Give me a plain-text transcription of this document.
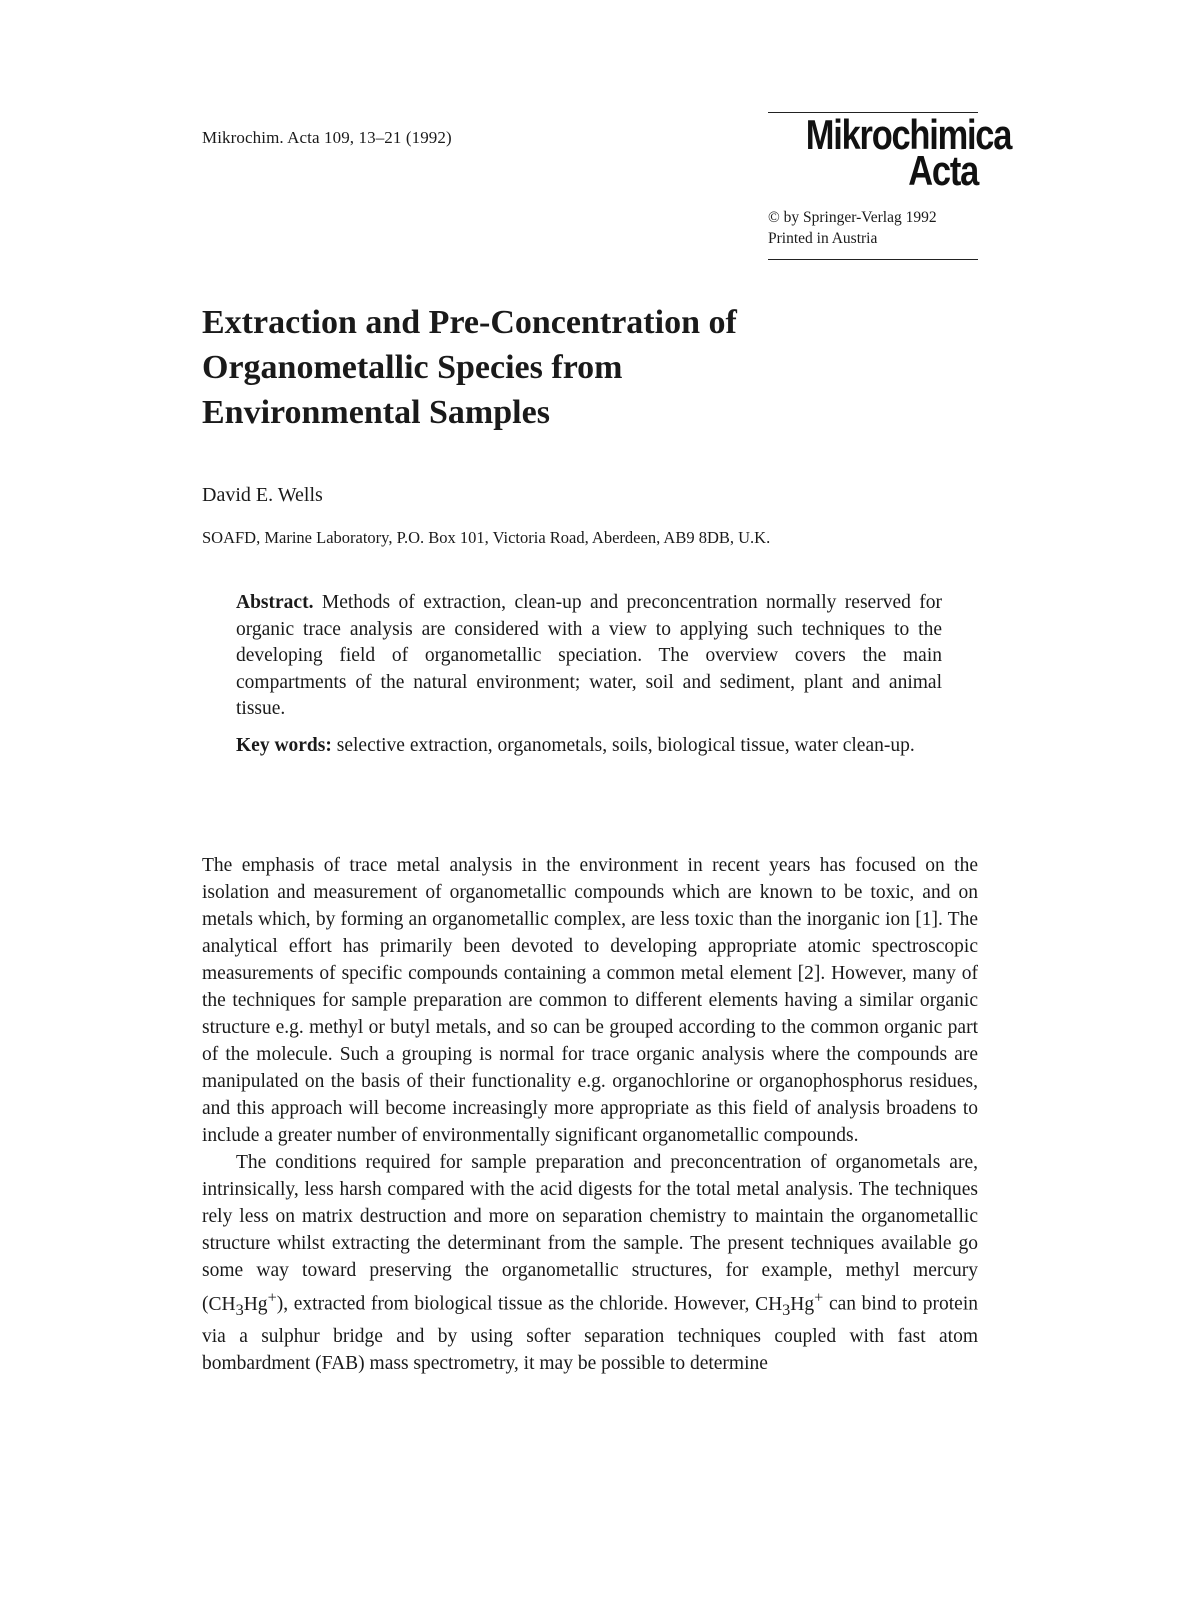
Mikrochim. Acta 109, 13–21 (1992)	Mikrochimica
Acta
© by Springer-Verlag 1992
Printed in Austria
Extraction and Pre-Concentration of
Organometallic Species from
Environmental Samples
David E. Wells
SOAFD, Marine Laboratory, P.O. Box 101, Victoria Road, Aberdeen, AB9 8DB, U.K.

Abstract. Methods of extraction, clean-up and preconcentration normally reserved for organic trace analysis are considered with a view to applying such techniques to the developing field of organometallic speciation. The overview covers the main compartments of the natural environment; water, soil and sediment, plant and animal tissue.

Key words: selective extraction, organometals, soils, biological tissue, water clean-up.

The emphasis of trace metal analysis in the environment in recent years has focused on the isolation and measurement of organometallic compounds which are known to be toxic, and on metals which, by forming an organometallic complex, are less toxic than the inorganic ion [1]. The analytical effort has primarily been devoted to developing appropriate atomic spectroscopic measurements of specific compounds containing a common metal element [2]. However, many of the techniques for sample preparation are common to different elements having a similar organic structure e.g. methyl or butyl metals, and so can be grouped according to the common organic part of the molecule. Such a grouping is normal for trace organic analysis where the compounds are manipulated on the basis of their functionality e.g. organochlorine or organophosphorus residues, and this approach will become increasingly more appropriate as this field of analysis broadens to include a greater number of environmentally significant organometallic compounds.

The conditions required for sample preparation and preconcentration of organometals are, intrinsically, less harsh compared with the acid digests for the total metal analysis. The techniques rely less on matrix destruction and more on separation chemistry to maintain the organometallic structure whilst extracting the determinant from the sample. The present techniques available go some way toward preserving the organometallic structures, for example, methyl mercury $(CH_3Hg^+)$, extracted from biological tissue as the chloride. However, $CH_3Hg^+$ can bind to protein via a sulphur bridge and by using softer separation techniques coupled with fast atom bombardment (FAB) mass spectrometry, it may be possible to determine
